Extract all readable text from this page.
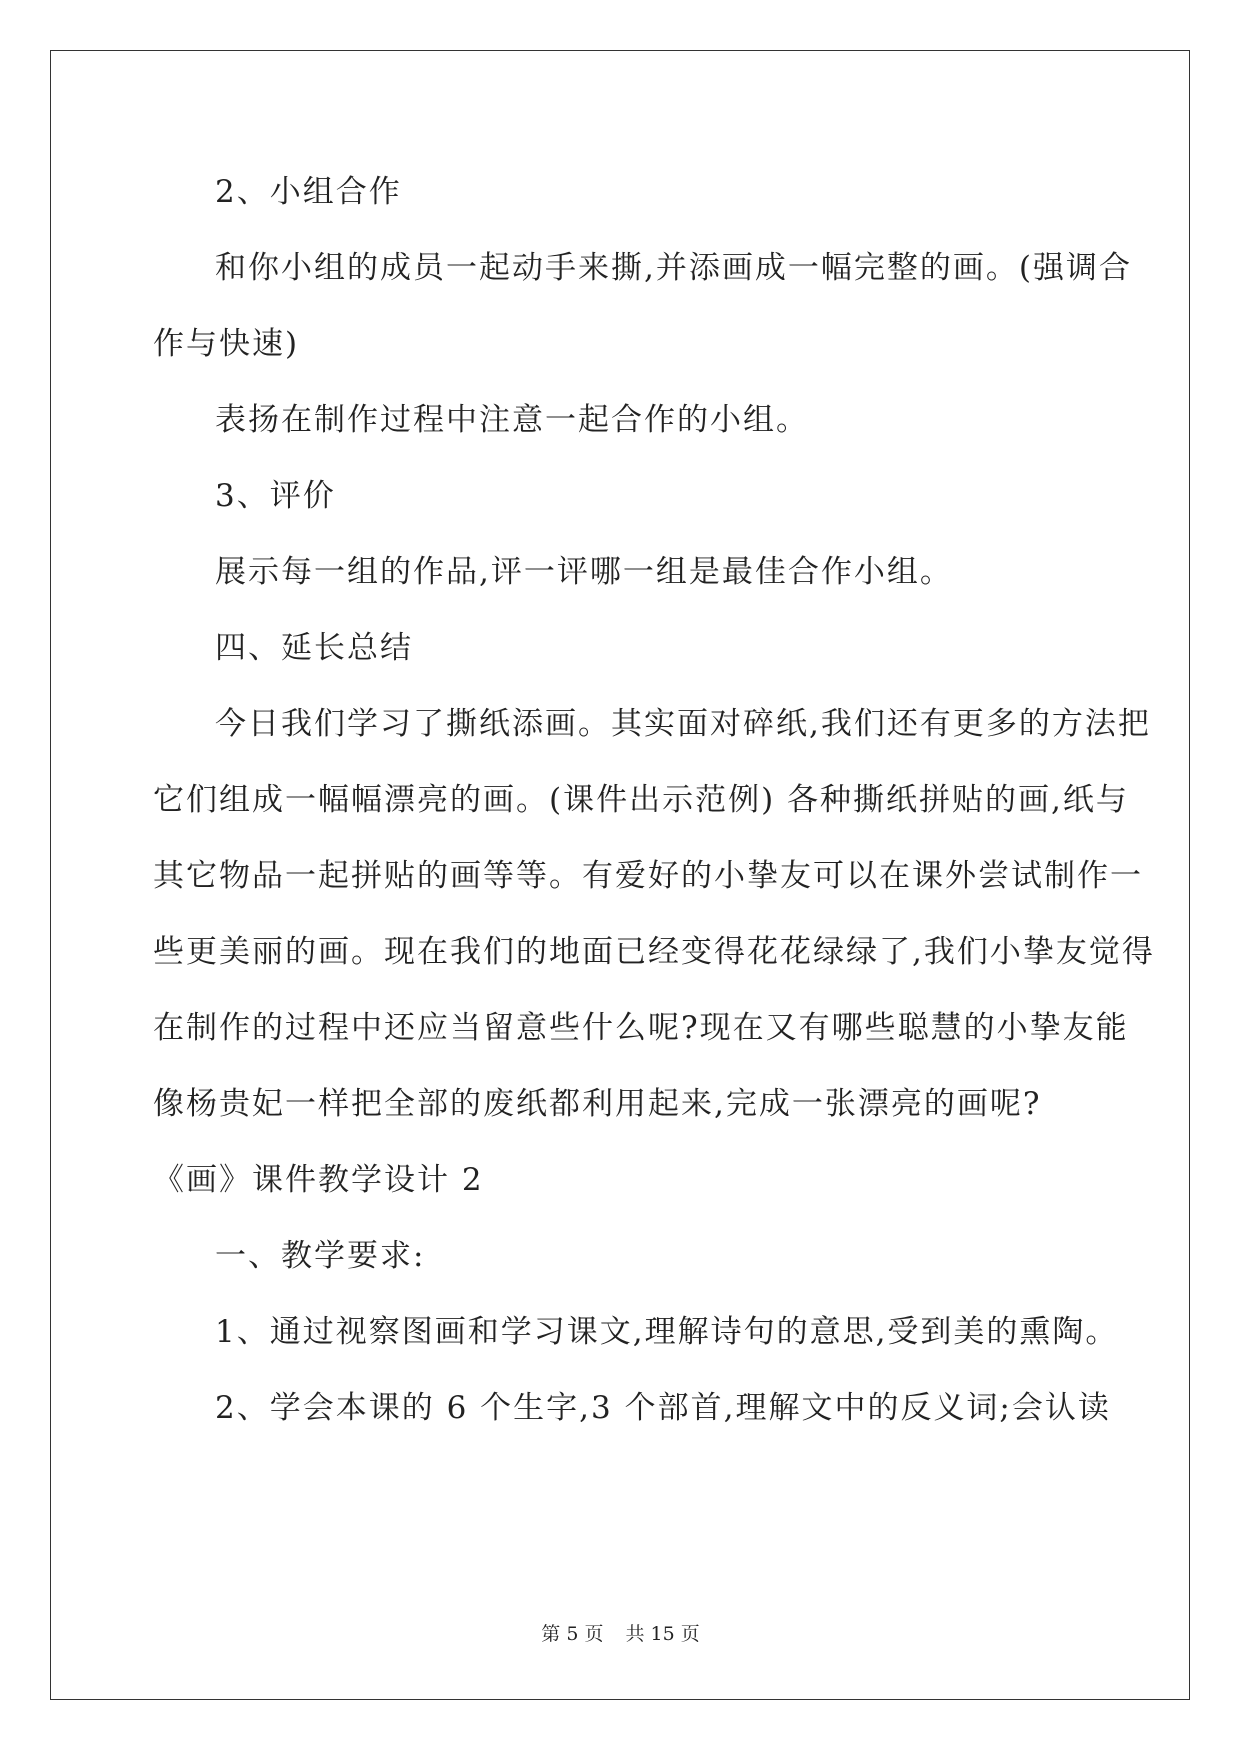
2、小组合作
和你小组的成员一起动手来撕,并添画成一幅完整的画。(强调合
作与快速)
表扬在制作过程中注意一起合作的小组。
3、评价
展示每一组的作品,评一评哪一组是最佳合作小组。
四、延长总结
今日我们学习了撕纸添画。其实面对碎纸,我们还有更多的方法把
它们组成一幅幅漂亮的画。(课件出示范例) 各种撕纸拼贴的画,纸与
其它物品一起拼贴的画等等。有爱好的小挚友可以在课外尝试制作一
些更美丽的画。现在我们的地面已经变得花花绿绿了,我们小挚友觉得
在制作的过程中还应当留意些什么呢?现在又有哪些聪慧的小挚友能
像杨贵妃一样把全部的废纸都利用起来,完成一张漂亮的画呢?
《画》课件教学设计 2
一、教学要求:
1、通过视察图画和学习课文,理解诗句的意思,受到美的熏陶。
2、学会本课的 6 个生字,3 个部首,理解文中的反义词;会认读
第 5 页 共 15 页
